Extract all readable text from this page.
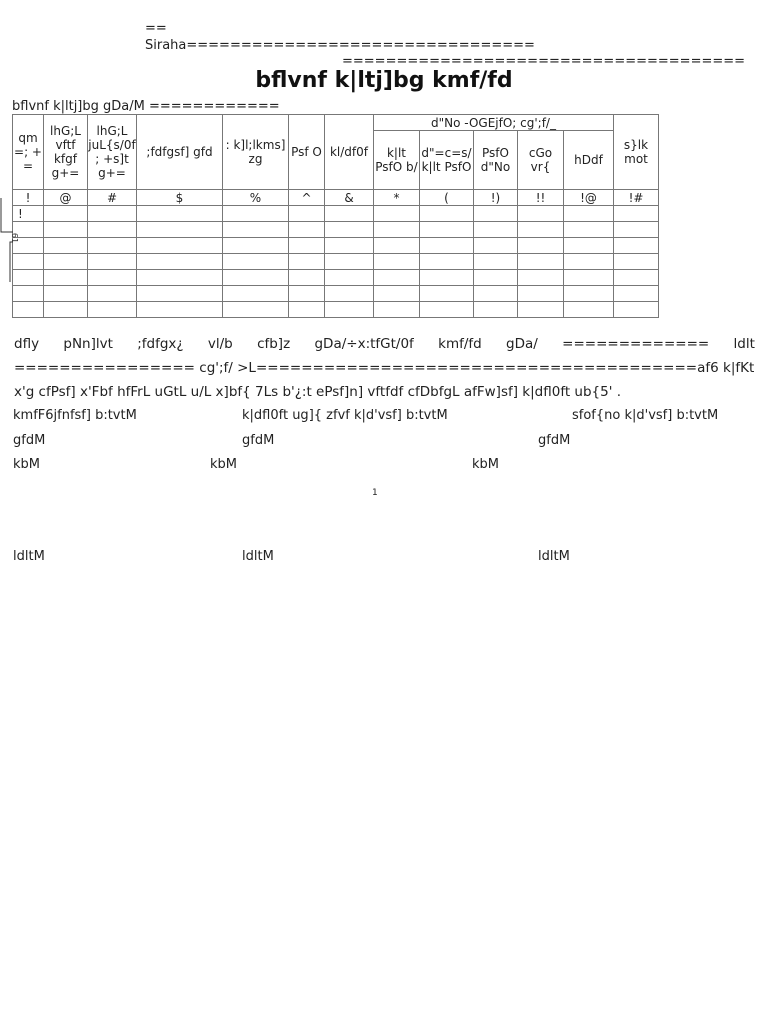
==
Siraha================================
=====================================
bflvnf k|ltj]bg kmf/fd
bflvnf k|ltj]bg gDa/M ============
qm =; + =	lhG;L vftf kfgf g+=	lhG;L juL{s/0f ; +s]t g+=	;fdfgsf] gfd	: k]l;lkms] zg	Psf O	kl/df0f	d"No -OGEjfO; cg';f/_					s}lk mot
							k|lt PsfO b/	d"=c=s/ k|lt PsfO	PsfO d"No	cGo vr{	hDdf	
!	@	#	$	%	^	&	*	(	!)	!!	!@	!#
!												

61
dfly pNn]lvt ;fdfgx¿ vl/b cfb]z gDa/÷x:tfGt/0f kmf/fd gDa/ ============= ldlt
================ cg';f/ >L=======================================af6 k|fKt
x'g cfPsf] x'Fbf hfFrL uGtL u/L x]bf{ 7Ls b'¿:t ePsf]n] vftfdf cfDbfgL afFw]sf] k|dfl0ft ub{5' .
kmfF6jfnfsf] b:tvtM	k|dfl0ft ug]{ zfvf k|d'vsf] b:tvtM	sfof{no k|d'vsf] b:tvtM
gfdM	gfdM	gfdM
kbM	kbM	kbM
1
ldltM	ldltM	ldltM
